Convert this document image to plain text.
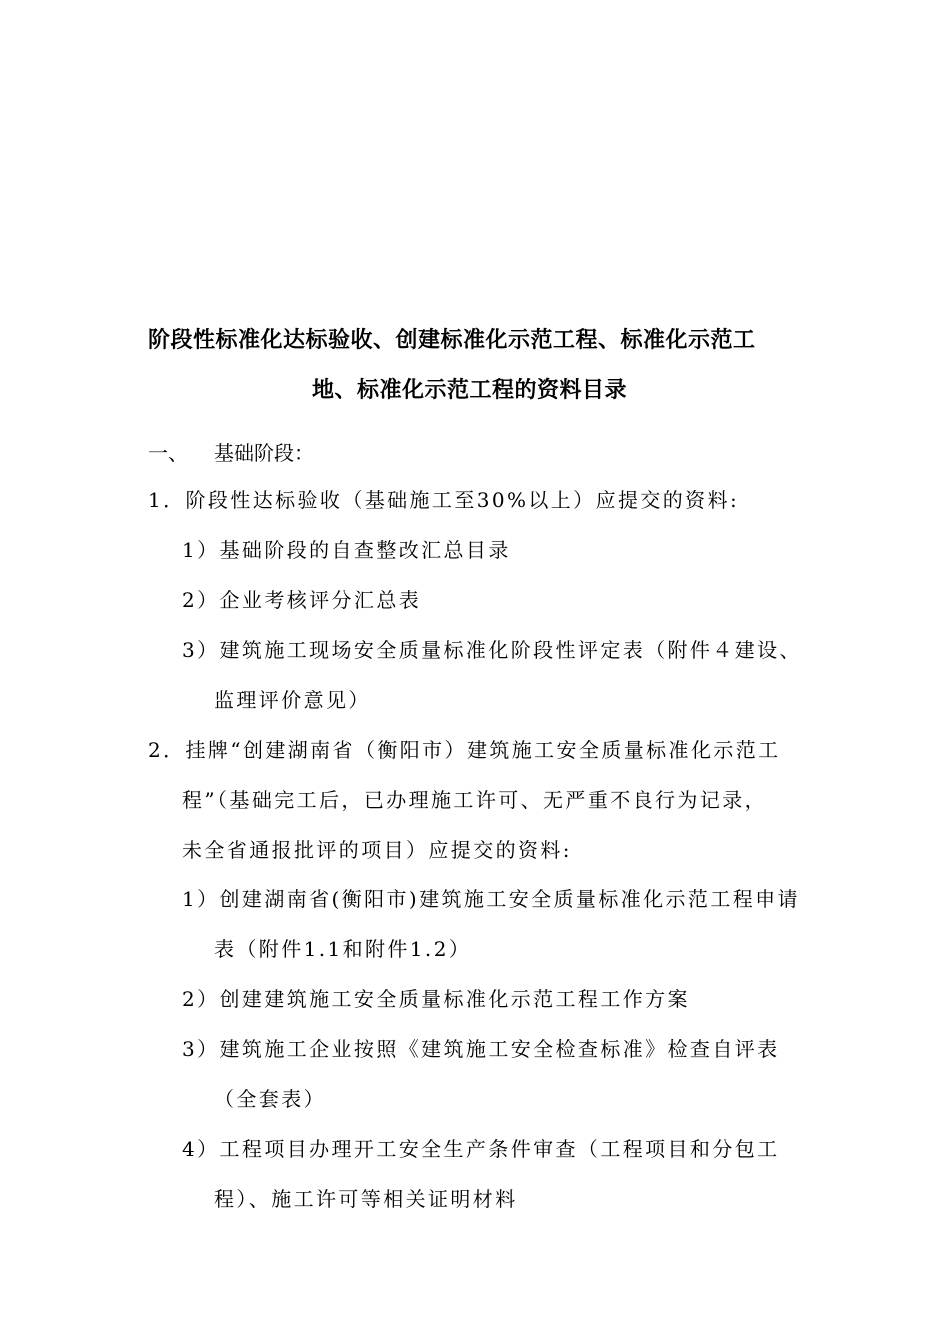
阶段性标准化达标验收、创建标准化示范工程、标准化示范工
地、标准化示范工程的资料目录
一、 基础阶段：
1．阶段性达标验收（基础施工至30%以上）应提交的资料:
1）基础阶段的自查整改汇总目录
2）企业考核评分汇总表
3）建筑施工现场安全质量标准化阶段性评定表（附件４建设、
监理评价意见）
2．挂牌“创建湖南省（衡阳市）建筑施工安全质量标准化示范工
程”（基础完工后，已办理施工许可、无严重不良行为记录，
未全省通报批评的项目）应提交的资料:
1）创建湖南省(衡阳市)建筑施工安全质量标准化示范工程申请
表（附件1.1和附件1.2）
2）创建建筑施工安全质量标准化示范工程工作方案
3）建筑施工企业按照《建筑施工安全检查标准》检查自评表
（全套表）
4）工程项目办理开工安全生产条件审查（工程项目和分包工
程）、施工许可等相关证明材料
